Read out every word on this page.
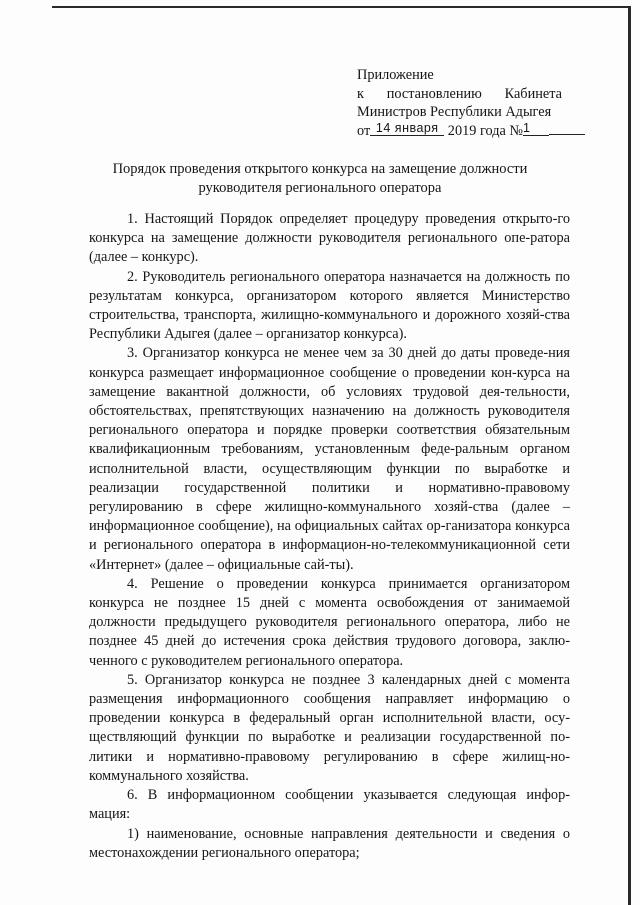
Приложение
к постановлению Кабинета
Министров Республики Адыгея
от 14 января 2019 года №1
Порядок проведения открытого конкурса на замещение должности
руководителя регионального оператора

1. Настоящий Порядок определяет процедуру проведения открыто-го конкурса на замещение должности руководителя регионального опе-ратора (далее – конкурс).

2. Руководитель регионального оператора назначается на должность по результатам конкурса, организатором которого является Министерство строительства, транспорта, жилищно-коммунального и дорожного хозяй-ства Республики Адыгея (далее – организатор конкурса).

3. Организатор конкурса не менее чем за 30 дней до даты проведе-ния конкурса размещает информационное сообщение о проведении кон-курса на замещение вакантной должности, об условиях трудовой дея-тельности, обстоятельствах, препятствующих назначению на должность руководителя регионального оператора и порядке проверки соответствия обязательным квалификационным требованиям, установленным феде-ральным органом исполнительной власти, осуществляющим функции по выработке и реализации государственной политики и нормативно-правовому регулированию в сфере жилищно-коммунального хозяй-ства (далее – информационное сообщение), на официальных сайтах ор-ганизатора конкурса и регионального оператора в информацион-но-телекоммуникационной сети «Интернет» (далее – официальные сай-ты).

4. Решение о проведении конкурса принимается организатором конкурса не позднее 15 дней с момента освобождения от занимаемой должности предыдущего руководителя регионального оператора, либо не позднее 45 дней до истечения срока действия трудового договора, заклю-ченного с руководителем регионального оператора.

5. Организатор конкурса не позднее 3 календарных дней с момента размещения информационного сообщения направляет информацию о проведении конкурса в федеральный орган исполнительной власти, осу-ществляющий функции по выработке и реализации государственной по-литики и нормативно-правовому регулированию в сфере жилищ-но-коммунального хозяйства.

6. В информационном сообщении указывается следующая инфор-мация:

1) наименование, основные направления деятельности и сведения о местонахождении регионального оператора;
